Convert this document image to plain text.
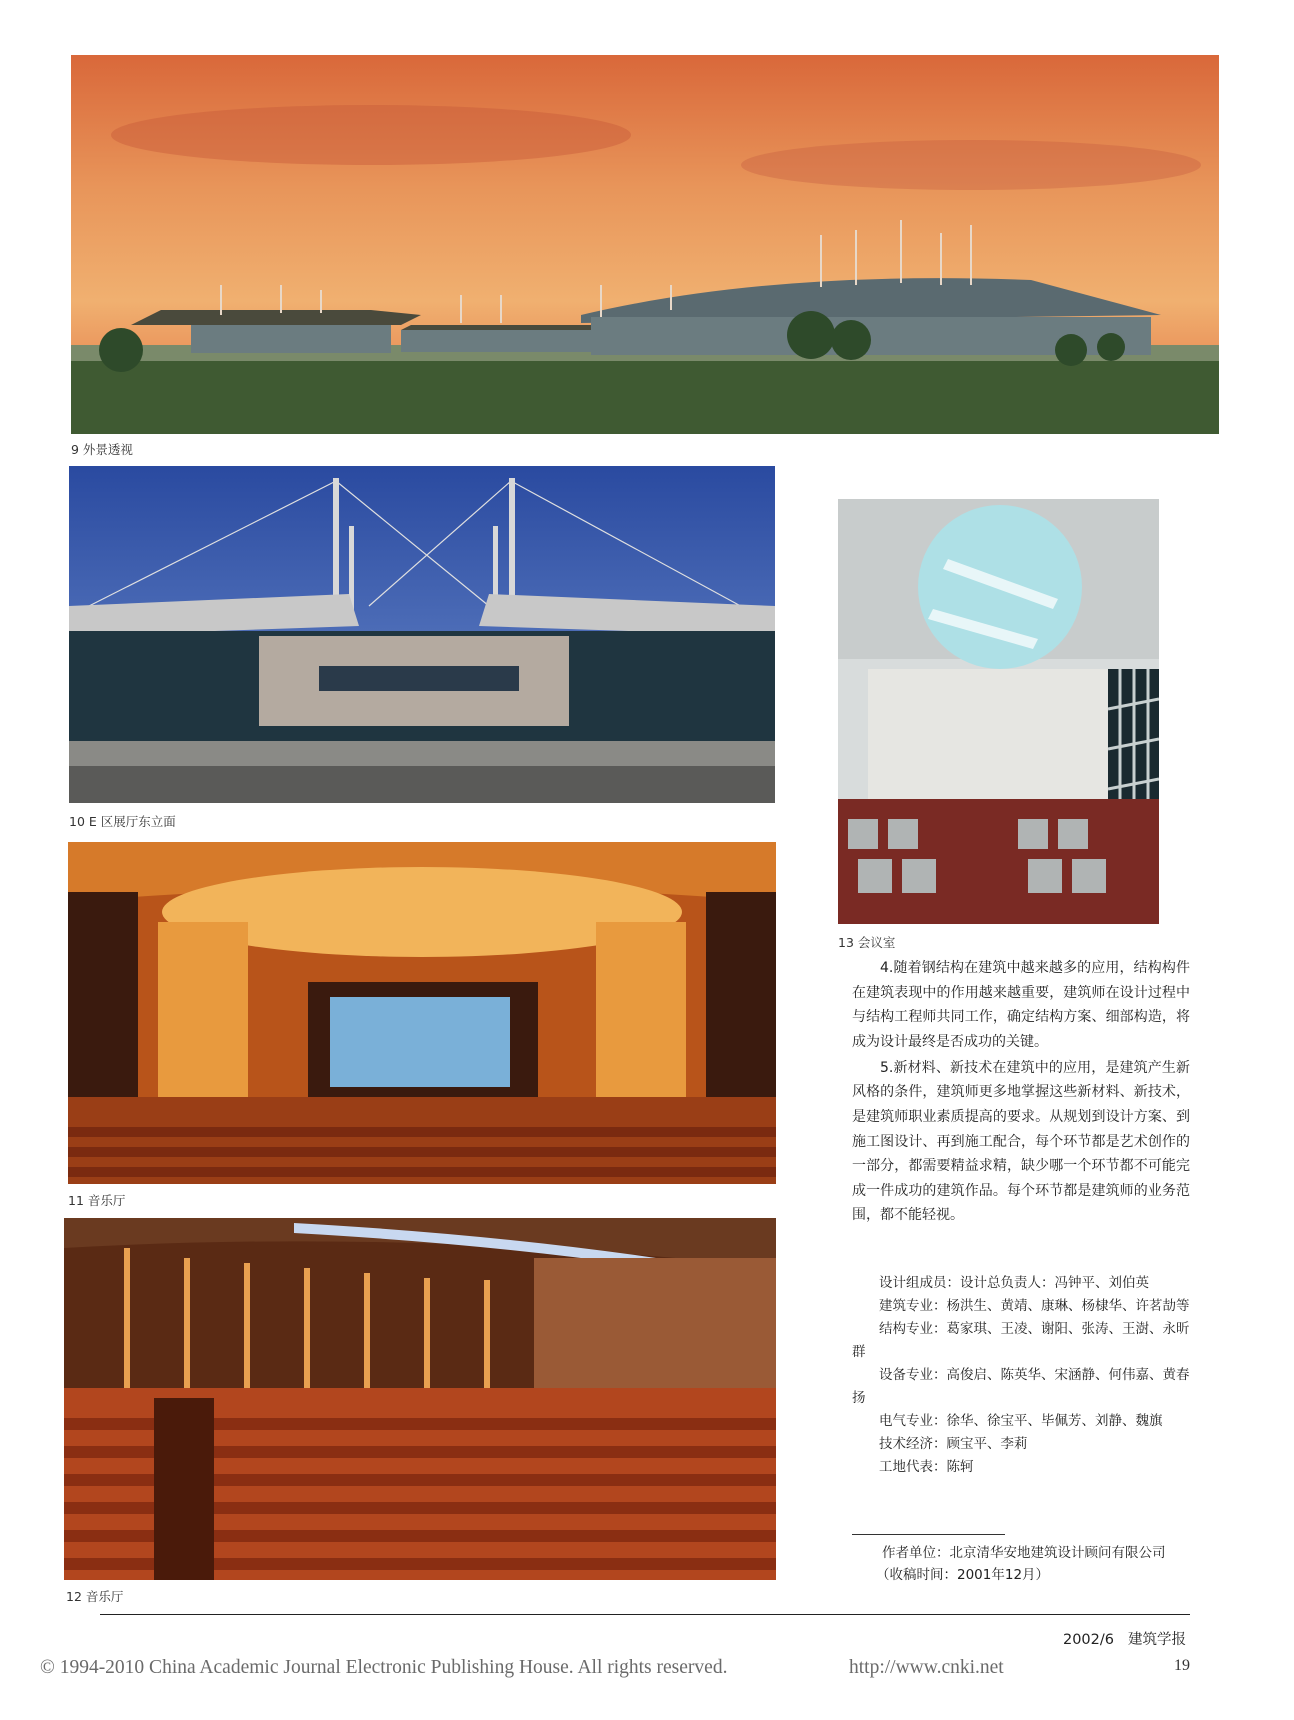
9 外景透视
10 E 区展厅东立面
11 音乐厅
12 音乐厅
13 会议室

4.随着钢结构在建筑中越来越多的应用，结构构件在建筑表现中的作用越来越重要，建筑师在设计过程中与结构工程师共同工作，确定结构方案、细部构造，将成为设计最终是否成功的关键。

5.新材料、新技术在建筑中的应用，是建筑产生新风格的条件，建筑师更多地掌握这些新材料、新技术，是建筑师职业素质提高的要求。从规划到设计方案、到施工图设计、再到施工配合，每个环节都是艺术创作的一部分，都需要精益求精，缺少哪一个环节都不可能完成一件成功的建筑作品。每个环节都是建筑师的业务范围，都不能轻视。

设计组成员：设计总负责人：冯钟平、刘伯英
建筑专业：杨洪生、黄靖、康琳、杨棣华、许茗劼等
结构专业：葛家琪、王凌、谢阳、张涛、王澍、永昕群
设备专业：高俊启、陈英华、宋涵静、何伟嘉、黄春扬
电气专业：徐华、徐宝平、毕佩芳、刘静、魏旗
技术经济：顾宝平、李莉
工地代表：陈轲
作者单位：北京清华安地建筑设计顾问有限公司
（收稿时间：2001年12月）
2002/6 建筑学报
© 1994-2010 China Academic Journal Electronic Publishing House. All rights reserved.	http://www.cnki.net	19
